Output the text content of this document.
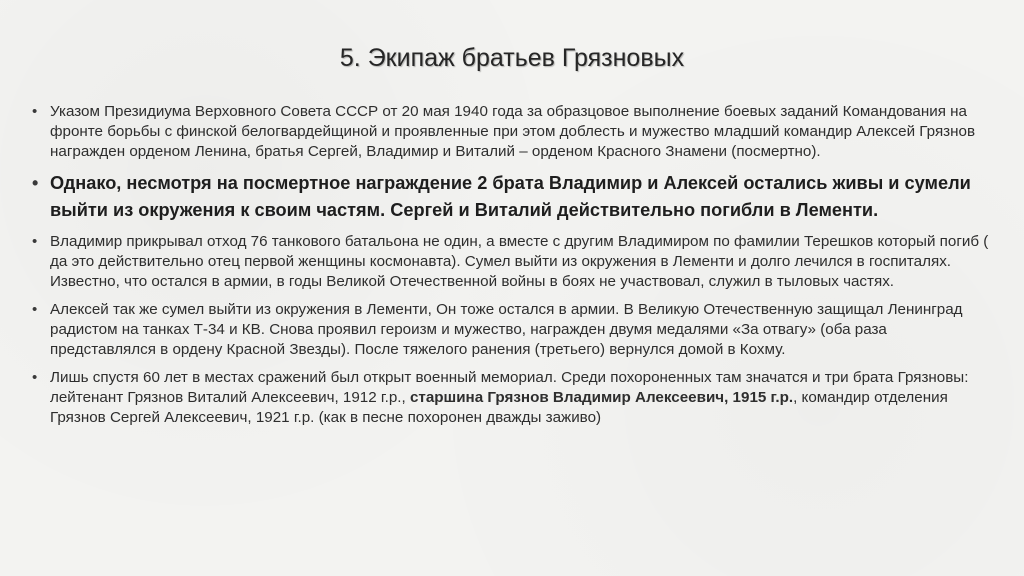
5. Экипаж братьев Грязновых
• Указом Президиума Верховного Совета СССР от 20 мая 1940 года за образцовое выполнение боевых заданий Командования на фронте борьбы с финской белогвардейщиной и проявленные при этом доблесть и мужество младший командир Алексей Грязнов награжден орденом Ленина, братья Сергей, Владимир и Виталий – орденом Красного Знамени (посмертно).
• Однако, несмотря на посмертное награждение 2 брата Владимир и Алексей остались живы и сумели выйти из окружения к своим частям. Сергей и Виталий действительно погибли в Лементи.
• Владимир прикрывал отход 76 танкового батальона не один, а вместе с другим Владимиром по фамилии Терешков который погиб ( да это действительно отец первой женщины космонавта). Сумел выйти из окружения в Лементи и долго лечился в госпиталях. Известно, что остался в армии, в годы Великой Отечественной войны в боях не участвовал, служил в тыловых частях.
• Алексей так же сумел выйти из окружения в Лементи, Он тоже остался в армии. В Великую Отечественную защищал Ленинград радистом на танках Т-34 и КВ. Снова проявил героизм и мужество, награжден двумя медалями «За отвагу» (оба раза представлялся в ордену Красной Звезды). После тяжелого ранения (третьего) вернулся домой в Кохму.
• Лишь спустя 60 лет в местах сражений был открыт военный мемориал. Среди похороненных там значатся и три брата Грязновы: лейтенант Грязнов Виталий Алексеевич, 1912 г.р., старшина Грязнов Владимир Алексеевич, 1915 г.р., командир отделения Грязнов Сергей Алексеевич, 1921 г.р. (как в песне похоронен дважды заживо)
